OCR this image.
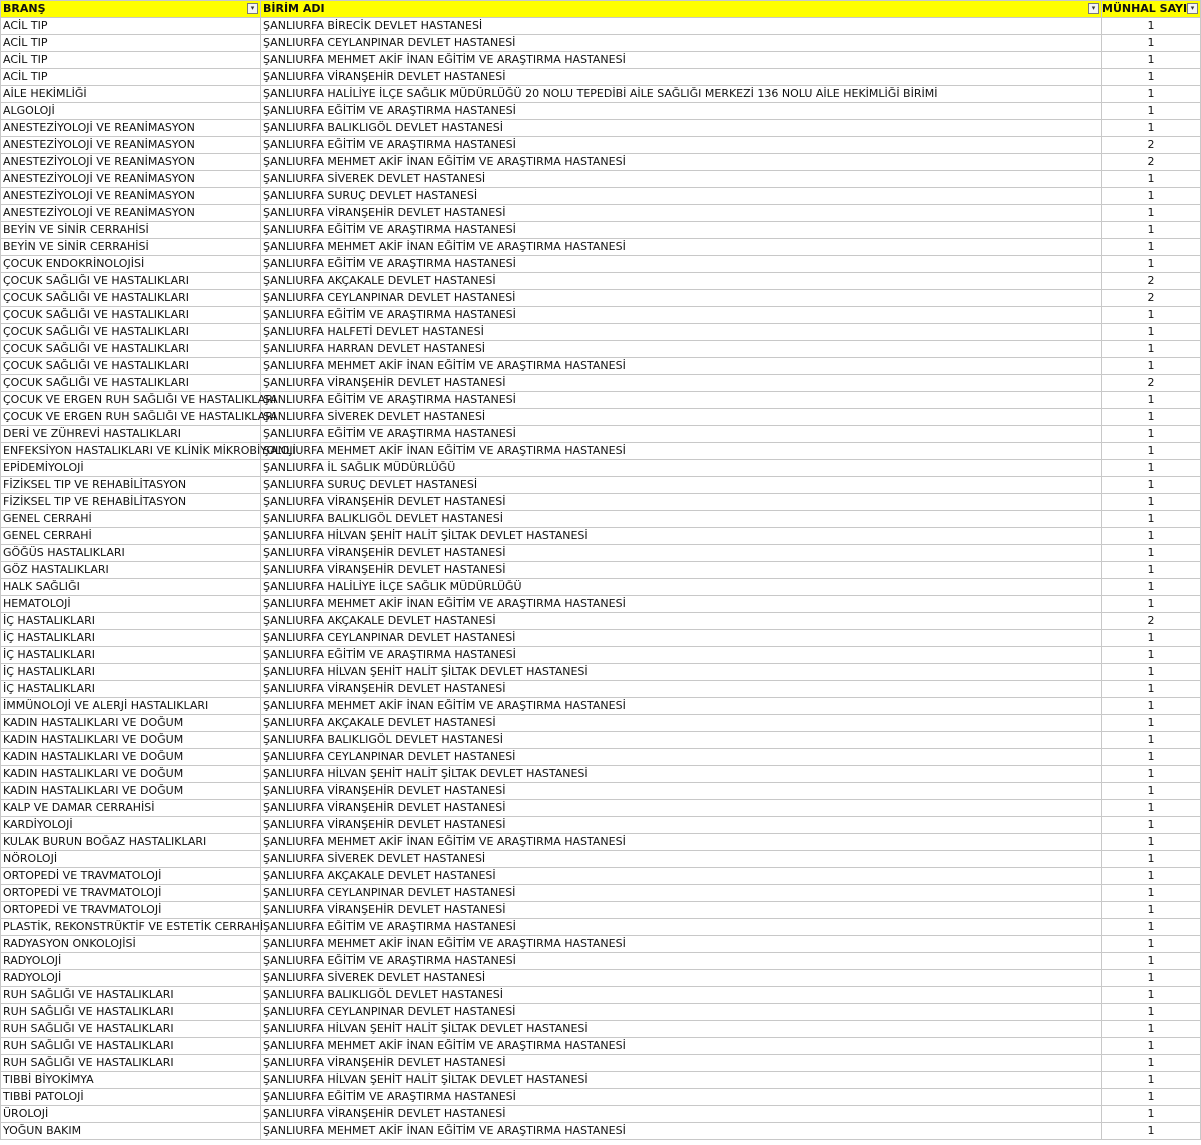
BRANŞ ▾	BİRİM ADI ▾	MÜNHAL SAYI ▾

ACİL TIP	ŞANLIURFA BİRECİK DEVLET HASTANESİ	1
ACİL TIP	ŞANLIURFA CEYLANPINAR DEVLET HASTANESİ	1
ACİL TIP	ŞANLIURFA MEHMET AKİF İNAN EĞİTİM VE ARAŞTIRMA HASTANESİ	1
ACİL TIP	ŞANLIURFA VİRANŞEHİR DEVLET HASTANESİ	1
AİLE HEKİMLİĞİ	ŞANLIURFA HALİLİYE İLÇE SAĞLIK MÜDÜRLÜĞÜ 20 NOLU TEPEDİBİ AİLE SAĞLIĞI MERKEZİ 136 NOLU AİLE HEKİMLİĞİ BİRİMİ	1
ALGOLOJİ	ŞANLIURFA EĞİTİM VE ARAŞTIRMA HASTANESİ	1
ANESTEZİYOLOJİ VE REANİMASYON	ŞANLIURFA BALIKLIGÖL DEVLET HASTANESİ	1
ANESTEZİYOLOJİ VE REANİMASYON	ŞANLIURFA EĞİTİM VE ARAŞTIRMA HASTANESİ	2
ANESTEZİYOLOJİ VE REANİMASYON	ŞANLIURFA MEHMET AKİF İNAN EĞİTİM VE ARAŞTIRMA HASTANESİ	2
ANESTEZİYOLOJİ VE REANİMASYON	ŞANLIURFA SİVEREK DEVLET HASTANESİ	1
ANESTEZİYOLOJİ VE REANİMASYON	ŞANLIURFA SURUÇ DEVLET HASTANESİ	1
ANESTEZİYOLOJİ VE REANİMASYON	ŞANLIURFA VİRANŞEHİR DEVLET HASTANESİ	1
BEYİN VE SİNİR CERRAHİSİ	ŞANLIURFA EĞİTİM VE ARAŞTIRMA HASTANESİ	1
BEYİN VE SİNİR CERRAHİSİ	ŞANLIURFA MEHMET AKİF İNAN EĞİTİM VE ARAŞTIRMA HASTANESİ	1
ÇOCUK ENDOKRİNOLOJİSİ	ŞANLIURFA EĞİTİM VE ARAŞTIRMA HASTANESİ	1
ÇOCUK SAĞLIĞI VE HASTALIKLARI	ŞANLIURFA AKÇAKALE DEVLET HASTANESİ	2
ÇOCUK SAĞLIĞI VE HASTALIKLARI	ŞANLIURFA CEYLANPINAR DEVLET HASTANESİ	2
ÇOCUK SAĞLIĞI VE HASTALIKLARI	ŞANLIURFA EĞİTİM VE ARAŞTIRMA HASTANESİ	1
ÇOCUK SAĞLIĞI VE HASTALIKLARI	ŞANLIURFA HALFETİ DEVLET HASTANESİ	1
ÇOCUK SAĞLIĞI VE HASTALIKLARI	ŞANLIURFA HARRAN DEVLET HASTANESİ	1
ÇOCUK SAĞLIĞI VE HASTALIKLARI	ŞANLIURFA MEHMET AKİF İNAN EĞİTİM VE ARAŞTIRMA HASTANESİ	1
ÇOCUK SAĞLIĞI VE HASTALIKLARI	ŞANLIURFA VİRANŞEHİR DEVLET HASTANESİ	2
ÇOCUK VE ERGEN RUH SAĞLIĞI VE HASTALIKLARI	ŞANLIURFA EĞİTİM VE ARAŞTIRMA HASTANESİ	1
ÇOCUK VE ERGEN RUH SAĞLIĞI VE HASTALIKLARI	ŞANLIURFA SİVEREK DEVLET HASTANESİ	1
DERİ VE ZÜHREVİ HASTALIKLARI	ŞANLIURFA EĞİTİM VE ARAŞTIRMA HASTANESİ	1
ENFEKSİYON HASTALIKLARI VE KLİNİK MİKROBİYOLOJİ	ŞANLIURFA MEHMET AKİF İNAN EĞİTİM VE ARAŞTIRMA HASTANESİ	1
EPİDEMİYOLOJİ	ŞANLIURFA İL SAĞLIK MÜDÜRLÜĞÜ	1
FİZİKSEL TIP VE REHABİLİTASYON	ŞANLIURFA SURUÇ DEVLET HASTANESİ	1
FİZİKSEL TIP VE REHABİLİTASYON	ŞANLIURFA VİRANŞEHİR DEVLET HASTANESİ	1
GENEL CERRAHİ	ŞANLIURFA BALIKLIGÖL DEVLET HASTANESİ	1
GENEL CERRAHİ	ŞANLIURFA HİLVAN ŞEHİT HALİT ŞİLTAK DEVLET HASTANESİ	1
GÖĞÜS HASTALIKLARI	ŞANLIURFA VİRANŞEHİR DEVLET HASTANESİ	1
GÖZ HASTALIKLARI	ŞANLIURFA VİRANŞEHİR DEVLET HASTANESİ	1
HALK SAĞLIĞI	ŞANLIURFA HALİLİYE İLÇE SAĞLIK MÜDÜRLÜĞÜ	1
HEMATOLOJİ	ŞANLIURFA MEHMET AKİF İNAN EĞİTİM VE ARAŞTIRMA HASTANESİ	1
İÇ HASTALIKLARI	ŞANLIURFA AKÇAKALE DEVLET HASTANESİ	2
İÇ HASTALIKLARI	ŞANLIURFA CEYLANPINAR DEVLET HASTANESİ	1
İÇ HASTALIKLARI	ŞANLIURFA EĞİTİM VE ARAŞTIRMA HASTANESİ	1
İÇ HASTALIKLARI	ŞANLIURFA HİLVAN ŞEHİT HALİT ŞİLTAK DEVLET HASTANESİ	1
İÇ HASTALIKLARI	ŞANLIURFA VİRANŞEHİR DEVLET HASTANESİ	1
İMMÜNOLOJİ VE ALERJİ HASTALIKLARI	ŞANLIURFA MEHMET AKİF İNAN EĞİTİM VE ARAŞTIRMA HASTANESİ	1
KADIN HASTALIKLARI VE DOĞUM	ŞANLIURFA AKÇAKALE DEVLET HASTANESİ	1
KADIN HASTALIKLARI VE DOĞUM	ŞANLIURFA BALIKLIGÖL DEVLET HASTANESİ	1
KADIN HASTALIKLARI VE DOĞUM	ŞANLIURFA CEYLANPINAR DEVLET HASTANESİ	1
KADIN HASTALIKLARI VE DOĞUM	ŞANLIURFA HİLVAN ŞEHİT HALİT ŞİLTAK DEVLET HASTANESİ	1
KADIN HASTALIKLARI VE DOĞUM	ŞANLIURFA VİRANŞEHİR DEVLET HASTANESİ	1
KALP VE DAMAR CERRAHİSİ	ŞANLIURFA VİRANŞEHİR DEVLET HASTANESİ	1
KARDİYOLOJİ	ŞANLIURFA VİRANŞEHİR DEVLET HASTANESİ	1
KULAK BURUN BOĞAZ HASTALIKLARI	ŞANLIURFA MEHMET AKİF İNAN EĞİTİM VE ARAŞTIRMA HASTANESİ	1
NÖROLOJİ	ŞANLIURFA SİVEREK DEVLET HASTANESİ	1
ORTOPEDİ VE TRAVMATOLOJİ	ŞANLIURFA AKÇAKALE DEVLET HASTANESİ	1
ORTOPEDİ VE TRAVMATOLOJİ	ŞANLIURFA CEYLANPINAR DEVLET HASTANESİ	1
ORTOPEDİ VE TRAVMATOLOJİ	ŞANLIURFA VİRANŞEHİR DEVLET HASTANESİ	1
PLASTİK, REKONSTRÜKTİF VE ESTETİK CERRAHİ	ŞANLIURFA EĞİTİM VE ARAŞTIRMA HASTANESİ	1
RADYASYON ONKOLOJİSİ	ŞANLIURFA MEHMET AKİF İNAN EĞİTİM VE ARAŞTIRMA HASTANESİ	1
RADYOLOJİ	ŞANLIURFA EĞİTİM VE ARAŞTIRMA HASTANESİ	1
RADYOLOJİ	ŞANLIURFA SİVEREK DEVLET HASTANESİ	1
RUH SAĞLIĞI VE HASTALIKLARI	ŞANLIURFA BALIKLIGÖL DEVLET HASTANESİ	1
RUH SAĞLIĞI VE HASTALIKLARI	ŞANLIURFA CEYLANPINAR DEVLET HASTANESİ	1
RUH SAĞLIĞI VE HASTALIKLARI	ŞANLIURFA HİLVAN ŞEHİT HALİT ŞİLTAK DEVLET HASTANESİ	1
RUH SAĞLIĞI VE HASTALIKLARI	ŞANLIURFA MEHMET AKİF İNAN EĞİTİM VE ARAŞTIRMA HASTANESİ	1
RUH SAĞLIĞI VE HASTALIKLARI	ŞANLIURFA VİRANŞEHİR DEVLET HASTANESİ	1
TIBBİ BİYOKİMYA	ŞANLIURFA HİLVAN ŞEHİT HALİT ŞİLTAK DEVLET HASTANESİ	1
TIBBİ PATOLOJİ	ŞANLIURFA EĞİTİM VE ARAŞTIRMA HASTANESİ	1
ÜROLOJİ	ŞANLIURFA VİRANŞEHİR DEVLET HASTANESİ	1
YOĞUN BAKIM	ŞANLIURFA MEHMET AKİF İNAN EĞİTİM VE ARAŞTIRMA HASTANESİ	1
